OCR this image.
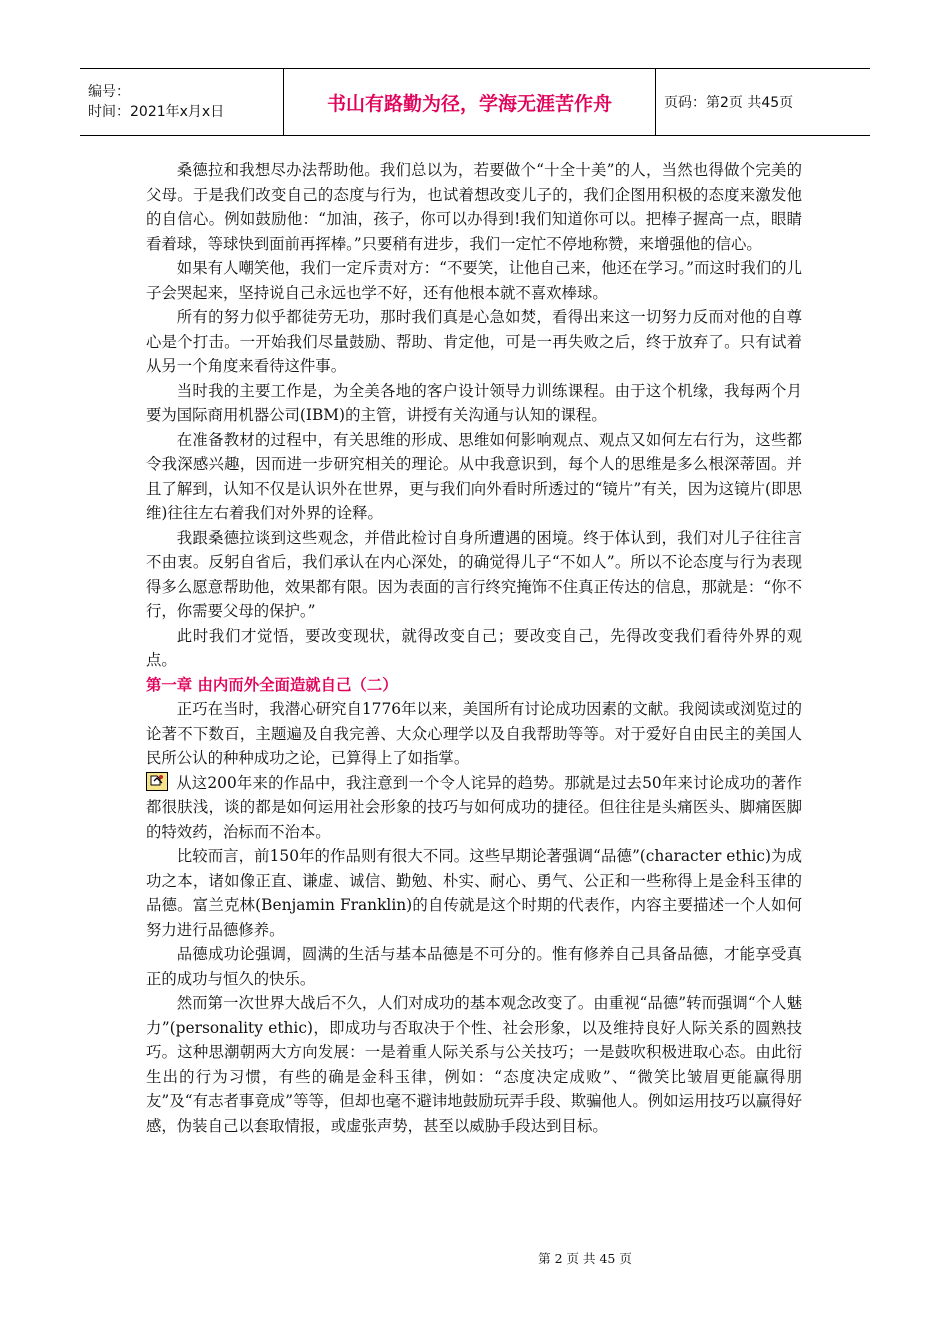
编号：
时间：2021年x月x日	书山有路勤为径，学海无涯苦作舟	页码：第2页 共45页

桑德拉和我想尽办法帮助他。我们总以为，若要做个“十全十美”的人，当然也得做个完美的父母。于是我们改变自己的态度与行为，也试着想改变儿子的，我们企图用积极的态度来激发他的自信心。例如鼓励他：“加油，孩子，你可以办得到!我们知道你可以。把棒子握高一点，眼睛看着球，等球快到面前再挥棒。”只要稍有进步，我们一定忙不停地称赞，来增强他的信心。

如果有人嘲笑他，我们一定斥责对方：“不要笑，让他自己来，他还在学习。”而这时我们的儿子会哭起来，坚持说自己永远也学不好，还有他根本就不喜欢棒球。

所有的努力似乎都徒劳无功，那时我们真是心急如焚，看得出来这一切努力反而对他的自尊心是个打击。一开始我们尽量鼓励、帮助、肯定他，可是一再失败之后，终于放弃了。只有试着从另一个角度来看待这件事。

当时我的主要工作是，为全美各地的客户设计领导力训练课程。由于这个机缘，我每两个月要为国际商用机器公司(IBM)的主管，讲授有关沟通与认知的课程。

在准备教材的过程中，有关思维的形成、思维如何影响观点、观点又如何左右行为，这些都令我深感兴趣，因而进一步研究相关的理论。从中我意识到，每个人的思维是多么根深蒂固。并且了解到，认知不仅是认识外在世界，更与我们向外看时所透过的“镜片”有关，因为这镜片(即思维)往往左右着我们对外界的诠释。

我跟桑德拉谈到这些观念，并借此检讨自身所遭遇的困境。终于体认到，我们对儿子往往言不由衷。反躬自省后，我们承认在内心深处，的确觉得儿子“不如人”。所以不论态度与行为表现得多么愿意帮助他，效果都有限。因为表面的言行终究掩饰不住真正传达的信息，那就是：“你不行，你需要父母的保护。”

此时我们才觉悟，要改变现状，就得改变自己；要改变自己，先得改变我们看待外界的观点。

第一章 由内而外全面造就自己（二）

正巧在当时，我潜心研究自1776年以来，美国所有讨论成功因素的文献。我阅读或浏览过的论著不下数百，主题遍及自我完善、大众心理学以及自我帮助等等。对于爱好自由民主的美国人民所公认的种种成功之论，已算得上了如指掌。

从这200年来的作品中，我注意到一个令人诧异的趋势。那就是过去50年来讨论成功的著作都很肤浅，谈的都是如何运用社会形象的技巧与如何成功的捷径。但往往是头痛医头、脚痛医脚的特效药，治标而不治本。

比较而言，前150年的作品则有很大不同。这些早期论著强调“品德”(character ethic)为成功之本，诸如像正直、谦虚、诚信、勤勉、朴实、耐心、勇气、公正和一些称得上是金科玉律的品德。富兰克林(Benjamin Franklin)的自传就是这个时期的代表作，内容主要描述一个人如何努力进行品德修养。

品德成功论强调，圆满的生活与基本品德是不可分的。惟有修养自己具备品德，才能享受真正的成功与恒久的快乐。

然而第一次世界大战后不久，人们对成功的基本观念改变了。由重视“品德”转而强调“个人魅力”(personality ethic)，即成功与否取决于个性、社会形象，以及维持良好人际关系的圆熟技巧。这种思潮朝两大方向发展：一是着重人际关系与公关技巧；一是鼓吹积极进取心态。由此衍生出的行为习惯，有些的确是金科玉律，例如：“态度决定成败”、“微笑比皱眉更能赢得朋友”及“有志者事竟成”等等，但却也毫不避讳地鼓励玩弄手段、欺骗他人。例如运用技巧以赢得好感，伪装自己以套取情报，或虚张声势，甚至以威胁手段达到目标。

第 2 页 共 45 页
